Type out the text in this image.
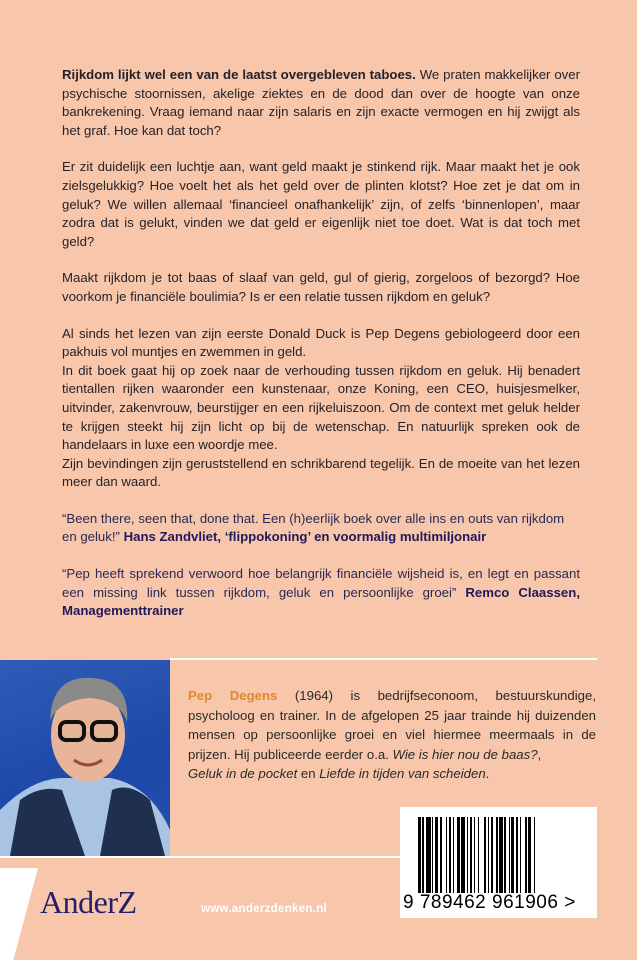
Rijkdom lijkt wel een van de laatst overgebleven taboes. We praten makkelijker over psychische stoornissen, akelige ziektes en de dood dan over de hoogte van onze bankrekening. Vraag iemand naar zijn salaris en zijn exacte vermogen en hij zwijgt als het graf. Hoe kan dat toch?

Er zit duidelijk een luchtje aan, want geld maakt je stinkend rijk. Maar maakt het je ook zielsgelukkig? Hoe voelt het als het geld over de plinten klotst? Hoe zet je dat om in geluk? We willen allemaal ‘financieel onafhankelijk’ zijn, of zelfs ‘binnenlopen’, maar zodra dat is gelukt, vinden we dat geld er eigenlijk niet toe doet. Wat is dat toch met geld?

Maakt rijkdom je tot baas of slaaf van geld, gul of gierig, zorgeloos of bezorgd? Hoe voorkom je financiële boulimia? Is er een relatie tussen rijkdom en geluk?

Al sinds het lezen van zijn eerste Donald Duck is Pep Degens gebiologeerd door een pakhuis vol muntjes en zwemmen in geld.

In dit boek gaat hij op zoek naar de verhouding tussen rijkdom en geluk. Hij benadert tientallen rijken waaronder een kunstenaar, onze Koning, een CEO, huisjesmelker, uitvinder, zakenvrouw, beurstijger en een rijkeluiszoon. Om de context met geluk helder te krijgen steekt hij zijn licht op bij de wetenschap. En natuurlijk spreken ook de handelaars in luxe een woordje mee.

Zijn bevindingen zijn geruststellend en schrikbarend tegelijk. En de moeite van het lezen meer dan waard.

“Been there, seen that, done that. Een (h)eerlijk boek over alle ins en outs van rijkdom en geluk!” Hans Zandvliet, ‘flippokoning’ en voormalig multimiljonair

“Pep heeft sprekend verwoord hoe belangrijk financiële wijsheid is, en legt en passant een missing link tussen rijkdom, geluk en persoonlijke groei” Remco Claassen, Managementtrainer

Pep Degens (1964) is bedrijfseconoom, bestuurskundige, psycholoog en trainer. In de afgelopen 25 jaar trainde hij duizenden mensen op persoonlijke groei en viel hiermee meermaals in de prijzen. Hij publiceerde eerder o.a. Wie is hier nou de baas?,
Geluk in de pocket en Liefde in tijden van scheiden.
9 789462 961906 >
AnderZ	www.anderzdenken.nl
